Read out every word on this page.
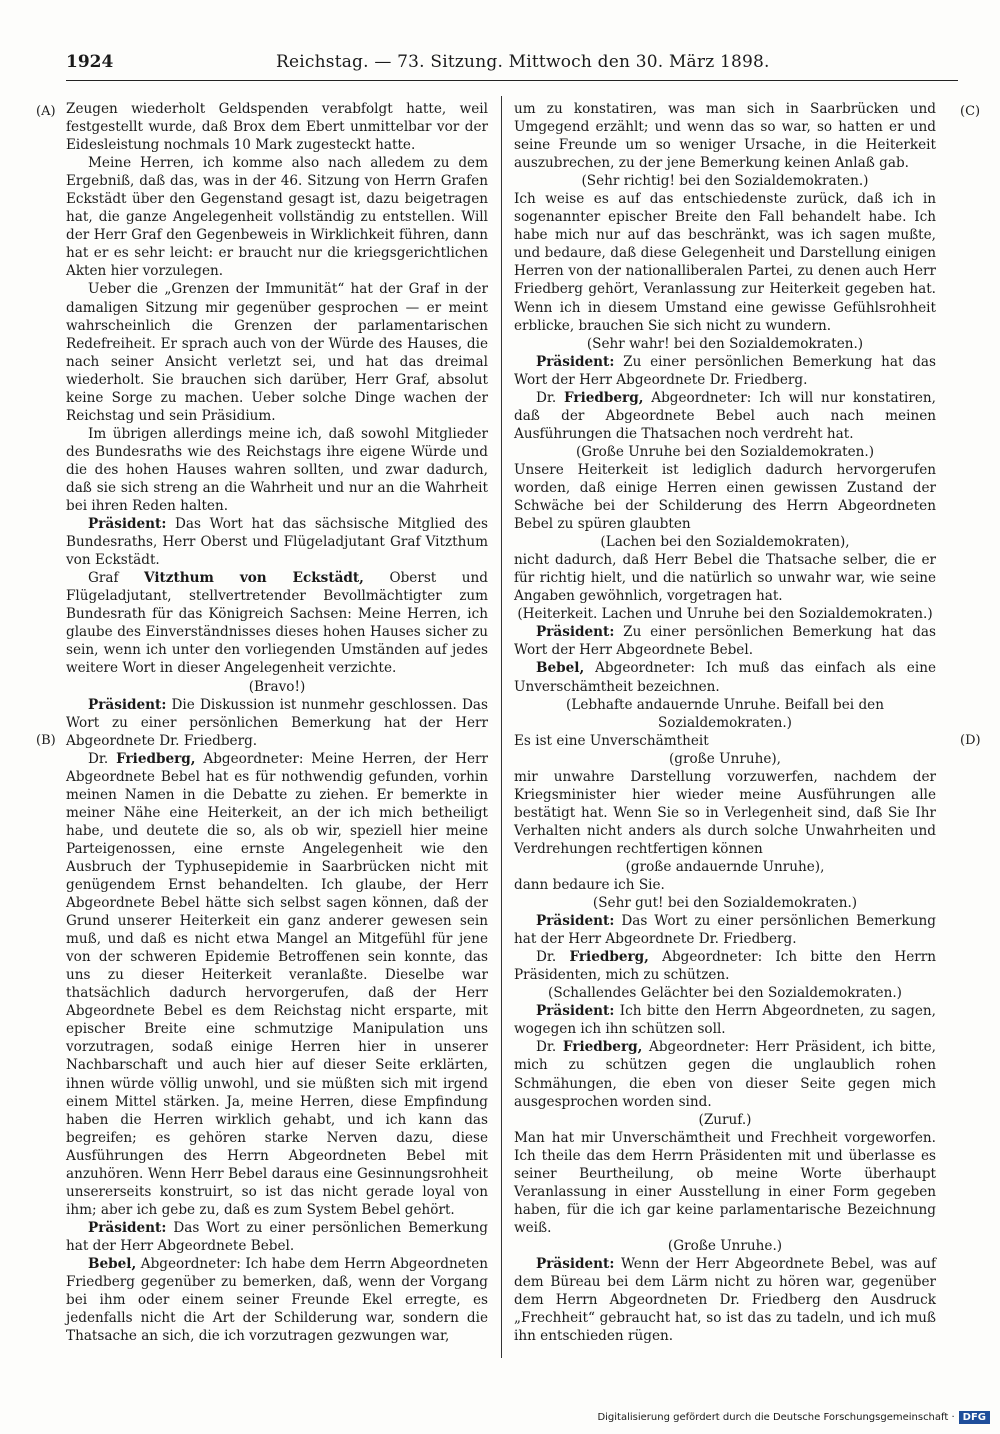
1924	Reichstag. — 73. Sitzung. Mittwoch den 30. März 1898.
(A)
(B)
(C)
(D)

Zeugen wiederholt Geldspenden verabfolgt hatte, weil festgestellt wurde, daß Brox dem Ebert unmittelbar vor der Eidesleistung nochmals 10 Mark zugesteckt hatte.

Meine Herren, ich komme also nach alledem zu dem Ergebniß, daß das, was in der 46. Sitzung von Herrn Grafen Eckstädt über den Gegenstand gesagt ist, dazu beigetragen hat, die ganze Angelegenheit vollständig zu entstellen. Will der Herr Graf den Gegenbeweis in Wirklichkeit führen, dann hat er es sehr leicht: er braucht nur die kriegsgerichtlichen Akten hier vorzulegen.

Ueber die „Grenzen der Immunität“ hat der Graf in der damaligen Sitzung mir gegenüber gesprochen — er meint wahrscheinlich die Grenzen der parlamentarischen Redefreiheit. Er sprach auch von der Würde des Hauses, die nach seiner Ansicht verletzt sei, und hat das dreimal wiederholt. Sie brauchen sich darüber, Herr Graf, absolut keine Sorge zu machen. Ueber solche Dinge wachen der Reichstag und sein Präsidium.

Im übrigen allerdings meine ich, daß sowohl Mitglieder des Bundesraths wie des Reichstags ihre eigene Würde und die des hohen Hauses wahren sollten, und zwar dadurch, daß sie sich streng an die Wahrheit und nur an die Wahrheit bei ihren Reden halten.

Präsident: Das Wort hat das sächsische Mitglied des Bundesraths, Herr Oberst und Flügeladjutant Graf Vitzthum von Eckstädt.

Graf Vitzthum von Eckstädt, Oberst und Flügeladjutant, stellvertretender Bevollmächtigter zum Bundesrath für das Königreich Sachsen: Meine Herren, ich glaube des Einverständnisses dieses hohen Hauses sicher zu sein, wenn ich unter den vorliegenden Umständen auf jedes weitere Wort in dieser Angelegenheit verzichte.

(Bravo!)

Präsident: Die Diskussion ist nunmehr geschlossen. Das Wort zu einer persönlichen Bemerkung hat der Herr Abgeordnete Dr. Friedberg.

Dr. Friedberg, Abgeordneter: Meine Herren, der Herr Abgeordnete Bebel hat es für nothwendig gefunden, vorhin meinen Namen in die Debatte zu ziehen. Er bemerkte in meiner Nähe eine Heiterkeit, an der ich mich betheiligt habe, und deutete die so, als ob wir, speziell hier meine Parteigenossen, eine ernste Angelegenheit wie den Ausbruch der Typhusepidemie in Saarbrücken nicht mit genügendem Ernst behandelten. Ich glaube, der Herr Abgeordnete Bebel hätte sich selbst sagen können, daß der Grund unserer Heiterkeit ein ganz anderer gewesen sein muß, und daß es nicht etwa Mangel an Mitgefühl für jene von der schweren Epidemie Betroffenen sein konnte, das uns zu dieser Heiterkeit veranlaßte. Dieselbe war thatsächlich dadurch hervorgerufen, daß der Herr Abgeordnete Bebel es dem Reichstag nicht ersparte, mit epischer Breite eine schmutzige Manipulation uns vorzutragen, sodaß einige Herren hier in unserer Nachbarschaft und auch hier auf dieser Seite erklärten, ihnen würde völlig unwohl, und sie müßten sich mit irgend einem Mittel stärken. Ja, meine Herren, diese Empfindung haben die Herren wirklich gehabt, und ich kann das begreifen; es gehören starke Nerven dazu, diese Ausführungen des Herrn Abgeordneten Bebel mit anzuhören. Wenn Herr Bebel daraus eine Gesinnungsrohheit unsererseits konstruirt, so ist das nicht gerade loyal von ihm; aber ich gebe zu, daß es zum System Bebel gehört.

Präsident: Das Wort zu einer persönlichen Bemerkung hat der Herr Abgeordnete Bebel.

Bebel, Abgeordneter: Ich habe dem Herrn Abgeordneten Friedberg gegenüber zu bemerken, daß, wenn der Vorgang bei ihm oder einem seiner Freunde Ekel erregte, es jedenfalls nicht die Art der Schilderung war, sondern die Thatsache an sich, die ich vorzutragen gezwungen war,

um zu konstatiren, was man sich in Saarbrücken und Umgegend erzählt; und wenn das so war, so hatten er und seine Freunde um so weniger Ursache, in die Heiterkeit auszubrechen, zu der jene Bemerkung keinen Anlaß gab.

(Sehr richtig! bei den Sozialdemokraten.)

Ich weise es auf das entschiedenste zurück, daß ich in sogenannter epischer Breite den Fall behandelt habe. Ich habe mich nur auf das beschränkt, was ich sagen mußte, und bedaure, daß diese Gelegenheit und Darstellung einigen Herren von der nationalliberalen Partei, zu denen auch Herr Friedberg gehört, Veranlassung zur Heiterkeit gegeben hat. Wenn ich in diesem Umstand eine gewisse Gefühlsrohheit erblicke, brauchen Sie sich nicht zu wundern.

(Sehr wahr! bei den Sozialdemokraten.)

Präsident: Zu einer persönlichen Bemerkung hat das Wort der Herr Abgeordnete Dr. Friedberg.

Dr. Friedberg, Abgeordneter: Ich will nur konstatiren, daß der Abgeordnete Bebel auch nach meinen Ausführungen die Thatsachen noch verdreht hat.

(Große Unruhe bei den Sozialdemokraten.)

Unsere Heiterkeit ist lediglich dadurch hervorgerufen worden, daß einige Herren einen gewissen Zustand der Schwäche bei der Schilderung des Herrn Abgeordneten Bebel zu spüren glaubten

(Lachen bei den Sozialdemokraten),

nicht dadurch, daß Herr Bebel die Thatsache selber, die er für richtig hielt, und die natürlich so unwahr war, wie seine Angaben gewöhnlich, vorgetragen hat.

(Heiterkeit. Lachen und Unruhe bei den Sozialdemokraten.)

Präsident: Zu einer persönlichen Bemerkung hat das Wort der Herr Abgeordnete Bebel.

Bebel, Abgeordneter: Ich muß das einfach als eine Unverschämtheit bezeichnen.

(Lebhafte andauernde Unruhe. Beifall bei den Sozialdemokraten.)

Es ist eine Unverschämtheit

(große Unruhe),

mir unwahre Darstellung vorzuwerfen, nachdem der Kriegsminister hier wieder meine Ausführungen alle bestätigt hat. Wenn Sie so in Verlegenheit sind, daß Sie Ihr Verhalten nicht anders als durch solche Unwahrheiten und Verdrehungen rechtfertigen können

(große andauernde Unruhe),

dann bedaure ich Sie.

(Sehr gut! bei den Sozialdemokraten.)

Präsident: Das Wort zu einer persönlichen Bemerkung hat der Herr Abgeordnete Dr. Friedberg.

Dr. Friedberg, Abgeordneter: Ich bitte den Herrn Präsidenten, mich zu schützen.

(Schallendes Gelächter bei den Sozialdemokraten.)

Präsident: Ich bitte den Herrn Abgeordneten, zu sagen, wogegen ich ihn schützen soll.

Dr. Friedberg, Abgeordneter: Herr Präsident, ich bitte, mich zu schützen gegen die unglaublich rohen Schmähungen, die eben von dieser Seite gegen mich ausgesprochen worden sind.

(Zuruf.)

Man hat mir Unverschämtheit und Frechheit vorgeworfen. Ich theile das dem Herrn Präsidenten mit und überlasse es seiner Beurtheilung, ob meine Worte überhaupt Veranlassung in einer Ausstellung in einer Form gegeben haben, für die ich gar keine parlamentarische Bezeichnung weiß.

(Große Unruhe.)

Präsident: Wenn der Herr Abgeordnete Bebel, was auf dem Büreau bei dem Lärm nicht zu hören war, gegenüber dem Herrn Abgeordneten Dr. Friedberg den Ausdruck „Frechheit“ gebraucht hat, so ist das zu tadeln, und ich muß ihn entschieden rügen.

Digitalisierung gefördert durch die Deutsche Forschungsgemeinschaft · DFG
